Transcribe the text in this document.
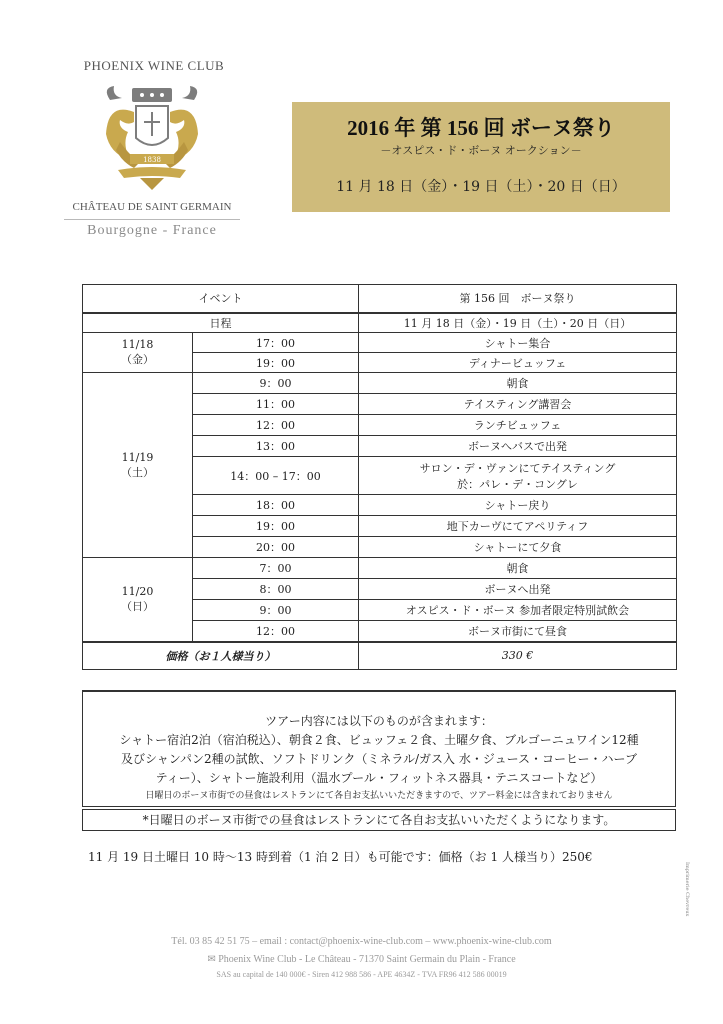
PHOENIX WINE CLUB
1838
CHÂTEAU DE SAINT GERMAIN
Bourgogne - France
2016 年 第 156 回 ボーヌ祭り
－オスピス・ド・ボーヌ オークション－
11 月 18 日（金）・19 日（土）・20 日（日）
イベント		第 156 回　ボーヌ祭り
日程		11 月 18 日（金）・19 日（土）・20 日（日）

11/18
（金）	17：00	シャトー集合
	19：00	ディナービュッフェ

11/19
（土）	9：00	朝食
	11：00	テイスティング講習会
	12：00	ランチビュッフェ
	13：00	ボーヌへバスで出発
	14：00 – 17：00	サロン・デ・ヴァンにてテイスティング
於：パレ・デ・コングレ

	18：00	シャトー戻り
	19：00	地下カーヴにてアペリティフ
	20：00	シャトーにて夕食

11/20
（日）	7：00	朝食
	8：00	ボーヌへ出発
	9：00	オスピス・ド・ボーヌ 参加者限定特別試飲会
	12：00	ボーヌ市街にて昼食
価格（お１人様当り）		330 €
ツアー内容には以下のものが含まれます：
シャトー宿泊2泊（宿泊税込）、朝食２食、ビュッフェ２食、土曜夕食、ブルゴーニュワイン12種
及びシャンパン2種の試飲、ソフトドリンク（ミネラル/ガス入 水・ジュース・コーヒー・ハーブ
ティー）、シャトー施設利用（温水プール・フィットネス器具・テニスコートなど）
日曜日のボーヌ市街での昼食はレストランにて各自お支払いいただきますので、ツアー料金には含まれておりません
*日曜日のボーヌ市街での昼食はレストランにて各自お支払いいただくようになります。
11 月 19 日土曜日 10 時～13 時到着（1 泊 2 日）も可能です：価格（お 1 人様当り）250€
Imprimerie Chevreux
Tél. 03 85 42 51 75 – email : contact@phoenix-wine-club.com – www.phoenix-wine-club.com
✉ Phoenix Wine Club - Le Château - 71370 Saint Germain du Plain - France
SAS au capital de 140 000€ - Siren 412 988 586 - APE 4634Z - TVA FR96 412 586 00019
